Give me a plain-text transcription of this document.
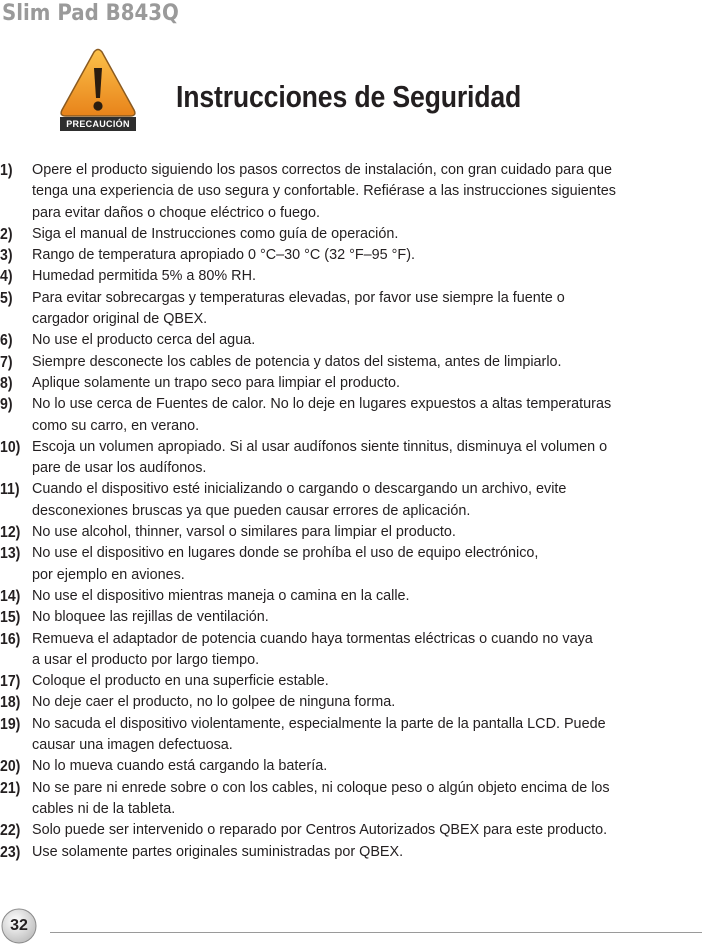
Slim Pad B843Q
PRECAUCIÓN
Instrucciones de Seguridad
1) Opere el producto siguiendo los pasos correctos de instalación, con gran cuidado para que
tenga una experiencia de uso segura y confortable. Refiérase a las instrucciones siguientes
para evitar daños o choque eléctrico o fuego.
2) Siga el manual de Instrucciones como guía de operación.
3) Rango de temperatura apropiado 0 °C–30 °C (32 °F–95 °F).
4) Humedad permitida 5% a 80% RH.
5) Para evitar sobrecargas y temperaturas elevadas, por favor use siempre la fuente o
cargador original de QBEX.
6) No use el producto cerca del agua.
7) Siempre desconecte los cables de potencia y datos del sistema, antes de limpiarlo.
8) Aplique solamente un trapo seco para limpiar el producto.
9) No lo use cerca de Fuentes de calor. No lo deje en lugares expuestos a altas temperaturas
como su carro, en verano.
10) Escoja un volumen apropiado. Si al usar audífonos siente tinnitus, disminuya el volumen o
pare de usar los audífonos.
11) Cuando el dispositivo esté inicializando o cargando o descargando un archivo, evite
desconexiones bruscas ya que pueden causar errores de aplicación.
12) No use alcohol, thinner, varsol o similares para limpiar el producto.
13) No use el dispositivo en lugares donde se prohíba el uso de equipo electrónico,
por ejemplo en aviones.
14) No use el dispositivo mientras maneja o camina en la calle.
15) No bloquee las rejillas de ventilación.
16) Remueva el adaptador de potencia cuando haya tormentas eléctricas o cuando no vaya
a usar el producto por largo tiempo.
17) Coloque el producto en una superficie estable.
18) No deje caer el producto, no lo golpee de ninguna forma.
19) No sacuda el dispositivo violentamente, especialmente la parte de la pantalla LCD. Puede
causar una imagen defectuosa.
20) No lo mueva cuando está cargando la batería.
21) No se pare ni enrede sobre o con los cables, ni coloque peso o algún objeto encima de los
cables ni de la tableta.
22) Solo puede ser intervenido o reparado por Centros Autorizados QBEX para este producto.
23) Use solamente partes originales suministradas por QBEX.
32
